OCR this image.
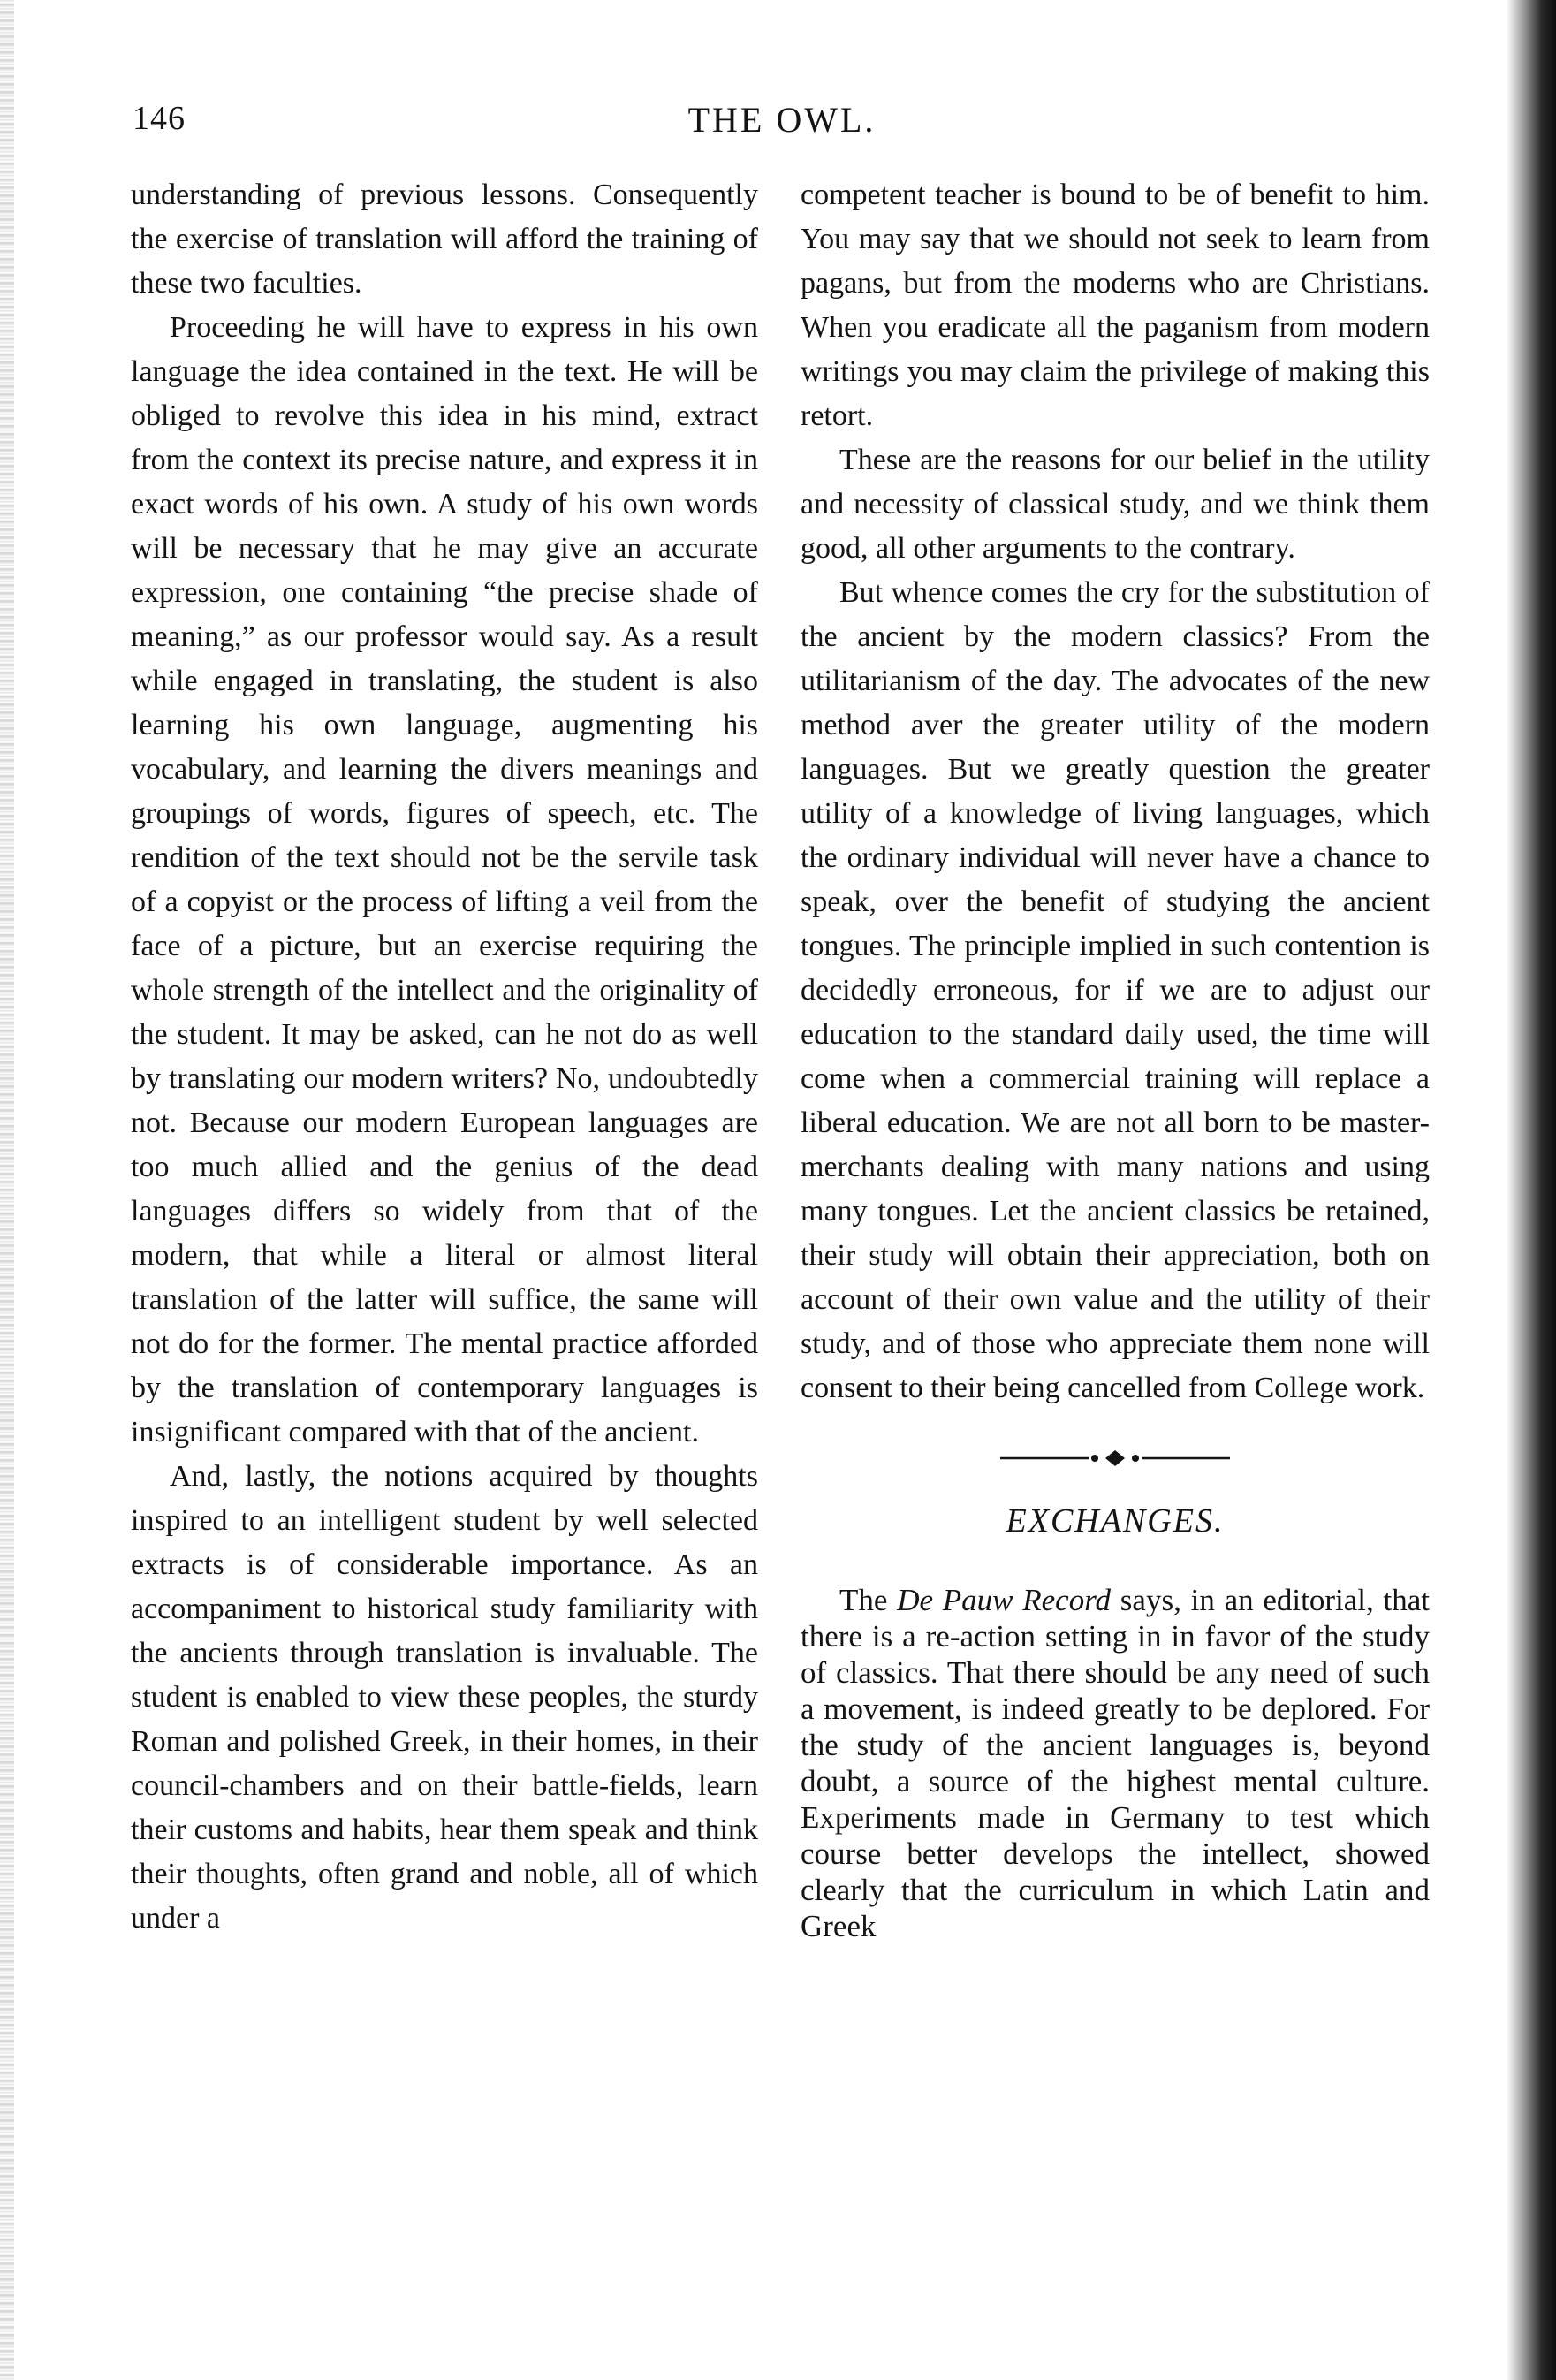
146	THE OWL.

understanding of previous lessons. Consequently the exercise of translation will afford the training of these two faculties.

Proceeding he will have to express in his own language the idea contained in the text. He will be obliged to revolve this idea in his mind, extract from the context its precise nature, and express it in exact words of his own. A study of his own words will be necessary that he may give an accurate expression, one containing “the precise shade of meaning,” as our professor would say. As a result while engaged in translating, the student is also learning his own language, augmenting his vocabulary, and learning the divers meanings and groupings of words, figures of speech, etc. The rendition of the text should not be the servile task of a copyist or the process of lifting a veil from the face of a picture, but an exercise requiring the whole strength of the intellect and the originality of the student. It may be asked, can he not do as well by translating our modern writers? No, undoubtedly not. Because our modern European languages are too much allied and the genius of the dead languages differs so widely from that of the modern, that while a literal or almost literal translation of the latter will suffice, the same will not do for the former. The mental practice afforded by the translation of contemporary languages is insignificant compared with that of the ancient.

And, lastly, the notions acquired by thoughts inspired to an intelligent student by well selected extracts is of considerable importance. As an accompaniment to historical study familiarity with the ancients through translation is invaluable. The student is enabled to view these peoples, the sturdy Roman and polished Greek, in their homes, in their council-chambers and on their battle-fields, learn their customs and habits, hear them speak and think their thoughts, often grand and noble, all of which under a

competent teacher is bound to be of benefit to him. You may say that we should not seek to learn from pagans, but from the moderns who are Christians. When you eradicate all the paganism from modern writings you may claim the privilege of making this retort.

These are the reasons for our belief in the utility and necessity of classical study, and we think them good, all other arguments to the contrary.

But whence comes the cry for the substitution of the ancient by the modern classics? From the utilitarianism of the day. The advocates of the new method aver the greater utility of the modern languages. But we greatly question the greater utility of a knowledge of living languages, which the ordinary individual will never have a chance to speak, over the benefit of studying the ancient tongues. The principle implied in such contention is decidedly erroneous, for if we are to adjust our education to the standard daily used, the time will come when a commercial training will replace a liberal education. We are not all born to be master-merchants dealing with many nations and using many tongues. Let the ancient classics be retained, their study will obtain their appreciation, both on account of their own value and the utility of their study, and of those who appreciate them none will consent to their being cancelled from College work.

EXCHANGES.

The De Pauw Record says, in an editorial, that there is a re-action setting in in favor of the study of classics. That there should be any need of such a movement, is indeed greatly to be deplored. For the study of the ancient languages is, beyond doubt, a source of the highest mental culture. Experiments made in Germany to test which course better develops the intellect, showed clearly that the curriculum in which Latin and Greek
